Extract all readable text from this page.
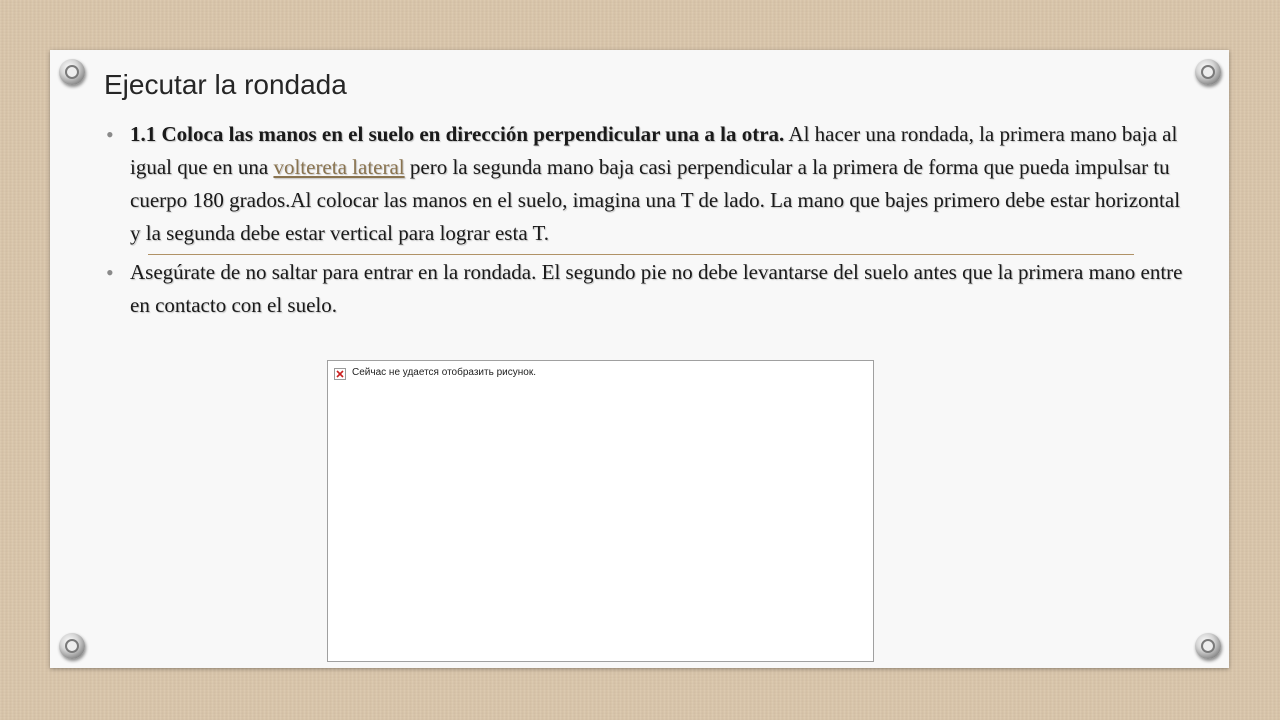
Ejecutar la rondada
• 1.1 Coloca las manos en el suelo en dirección perpendicular una a la otra. Al hacer una rondada, la primera mano baja al igual que en una voltereta lateral pero la segunda mano baja casi perpendicular a la primera de forma que pueda impulsar tu cuerpo 180 grados.Al colocar las manos en el suelo, imagina una T de lado. La mano que bajes primero debe estar horizontal y la segunda debe estar vertical para lograr esta T.
• Asegúrate de no saltar para entrar en la rondada. El segundo pie no debe levantarse del suelo antes que la primera mano entre en contacto con el suelo.
Сейчас не удается отобразить рисунок.
